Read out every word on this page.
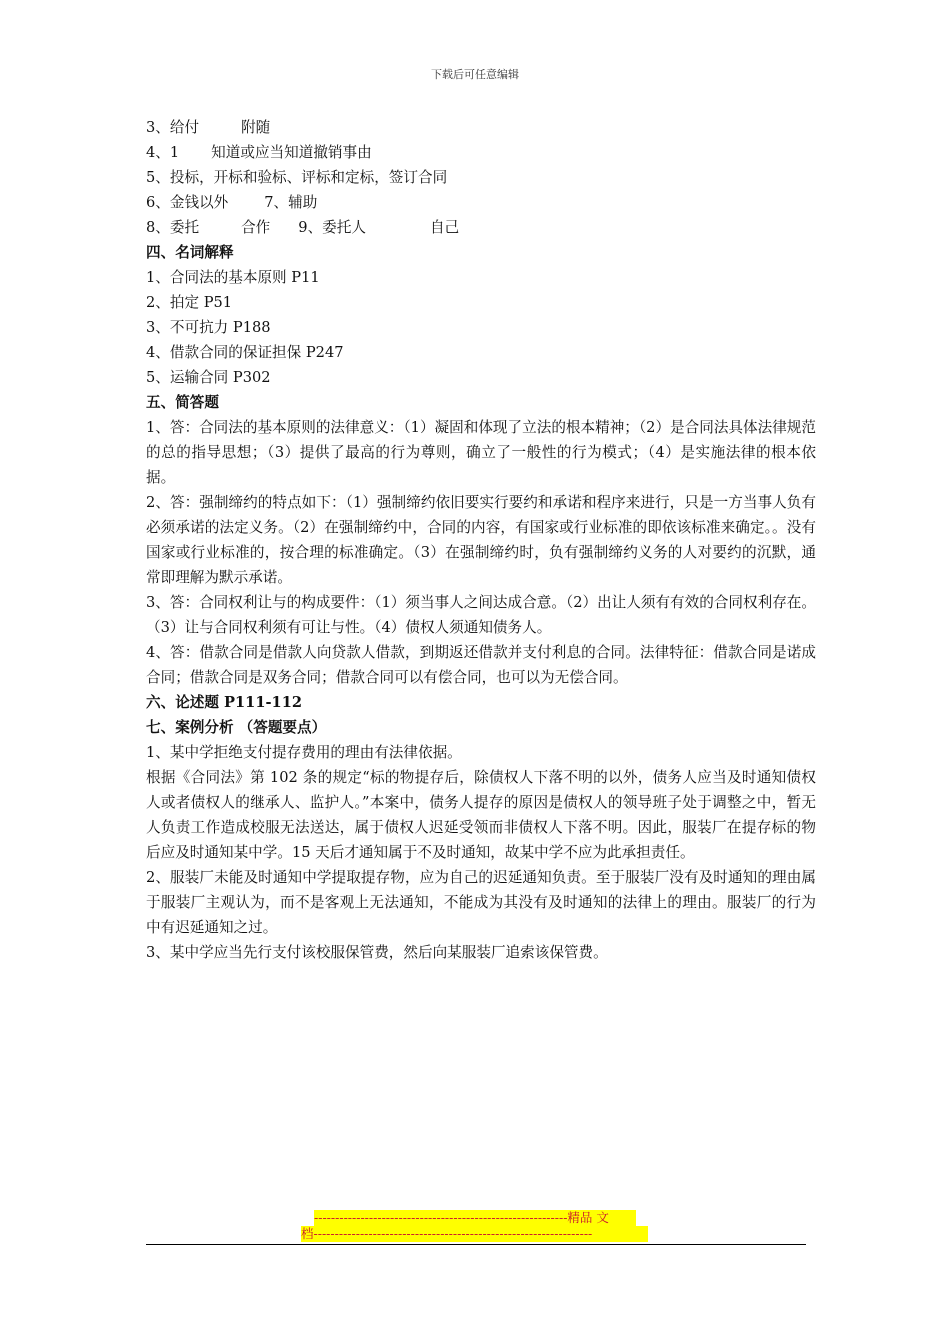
下载后可任意编辑
3、给付	附随
4、1 知道或应当知道撤销事由
5、投标，开标和验标、评标和定标，签订合同
6、金钱以外 7、辅助
8、委托	合作 9、委托人	自己
四、名词解释
1、合同法的基本原则 P11
2、拍定 P51
3、不可抗力 P188
4、借款合同的保证担保 P247
5、运输合同 P302
五、简答题
1、答：合同法的基本原则的法律意义：（1）凝固和体现了立法的根本精神；（2）是合同法具体法律规范的总的指导思想；（3）提供了最高的行为尊则，确立了一般性的行为模式；（4）是实施法律的根本依据。
2、答：强制缔约的特点如下：（1）强制缔约依旧要实行要约和承诺和程序来进行，只是一方当事人负有必须承诺的法定义务。（2）在强制缔约中，合同的内容，有国家或行业标准的即依该标准来确定。。没有国家或行业标准的，按合理的标准确定。（3）在强制缔约时，负有强制缔约义务的人对要约的沉默，通常即理解为默示承诺。
3、答：合同权利让与的构成要件：（1）须当事人之间达成合意。（2）出让人须有有效的合同权利存在。（3）让与合同权利须有可让与性。（4）债权人须通知债务人。
4、答：借款合同是借款人向贷款人借款，到期返还借款并支付利息的合同。法律特征：借款合同是诺成合同；借款合同是双务合同；借款合同可以有偿合同，也可以为无偿合同。
六、论述题 P111-112
七、案例分析 （答题要点）
1、某中学拒绝支付提存费用的理由有法律依据。
根据《合同法》第 102 条的规定“标的物提存后，除债权人下落不明的以外，债务人应当及时通知债权人或者债权人的继承人、监护人。”本案中，债务人提存的原因是债权人的领导班子处于调整之中，暂无人负责工作造成校服无法送达，属于债权人迟延受领而非债权人下落不明。因此，服装厂在提存标的物后应及时通知某中学。15 天后才通知属于不及时通知，故某中学不应为此承担责任。
2、服装厂未能及时通知中学提取提存物，应为自己的迟延通知负责。至于服装厂没有及时通知的理由属于服装厂主观认为，而不是客观上无法通知，不能成为其没有及时通知的法律上的理由。服装厂的行为中有迟延通知之过。
3、某中学应当先行支付该校服保管费，然后向某服装厂追索该保管费。
------------------------------------------------------------精品 文
档------------------------------------------------------------------
